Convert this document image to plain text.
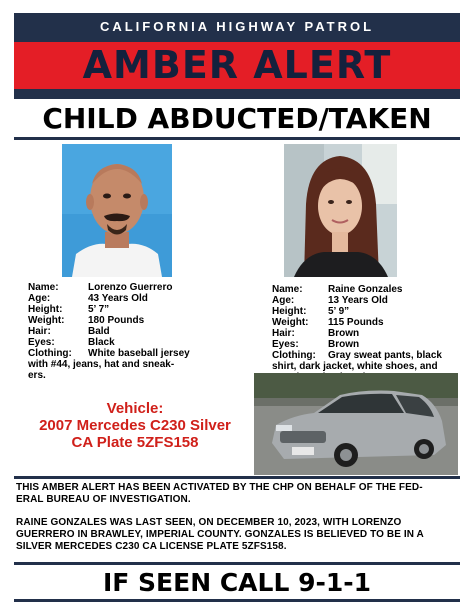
CALIFORNIA HIGHWAY PATROL
AMBER ALERT
CHILD ABDUCTED/TAKEN
Name:	Lorenzo Guerrero
Age:	43 Years Old
Height:	5’ 7”
Weight:	180 Pounds
Hair:	Bald
Eyes:	Black
Clothing:	White baseball jersey
with #44, jeans, hat and sneak-
ers.
Name:	Raine Gonzales
Age:	13 Years Old
Height:	5’ 9”
Weight:	115 Pounds
Hair:	Brown
Eyes:	Brown
Clothing:	Gray sweat pants, black
shirt, dark jacket, white shoes, and
Vehicle:
2007 Mercedes C230 Silver
CA Plate 5ZFS158
THIS AMBER ALERT HAS BEEN ACTIVATED BY THE CHP ON BEHALF OF THE FED-
ERAL BUREAU OF INVESTIGATION.
RAINE GONZALES WAS LAST SEEN, ON DECEMBER 10, 2023, WITH LORENZO
GUERRERO IN BRAWLEY, IMPERIAL COUNTY. GONZALES IS BELIEVED TO BE IN A
SILVER MERCEDES C230 CA LICENSE PLATE 5ZFS158.
IF SEEN CALL 9-1-1
